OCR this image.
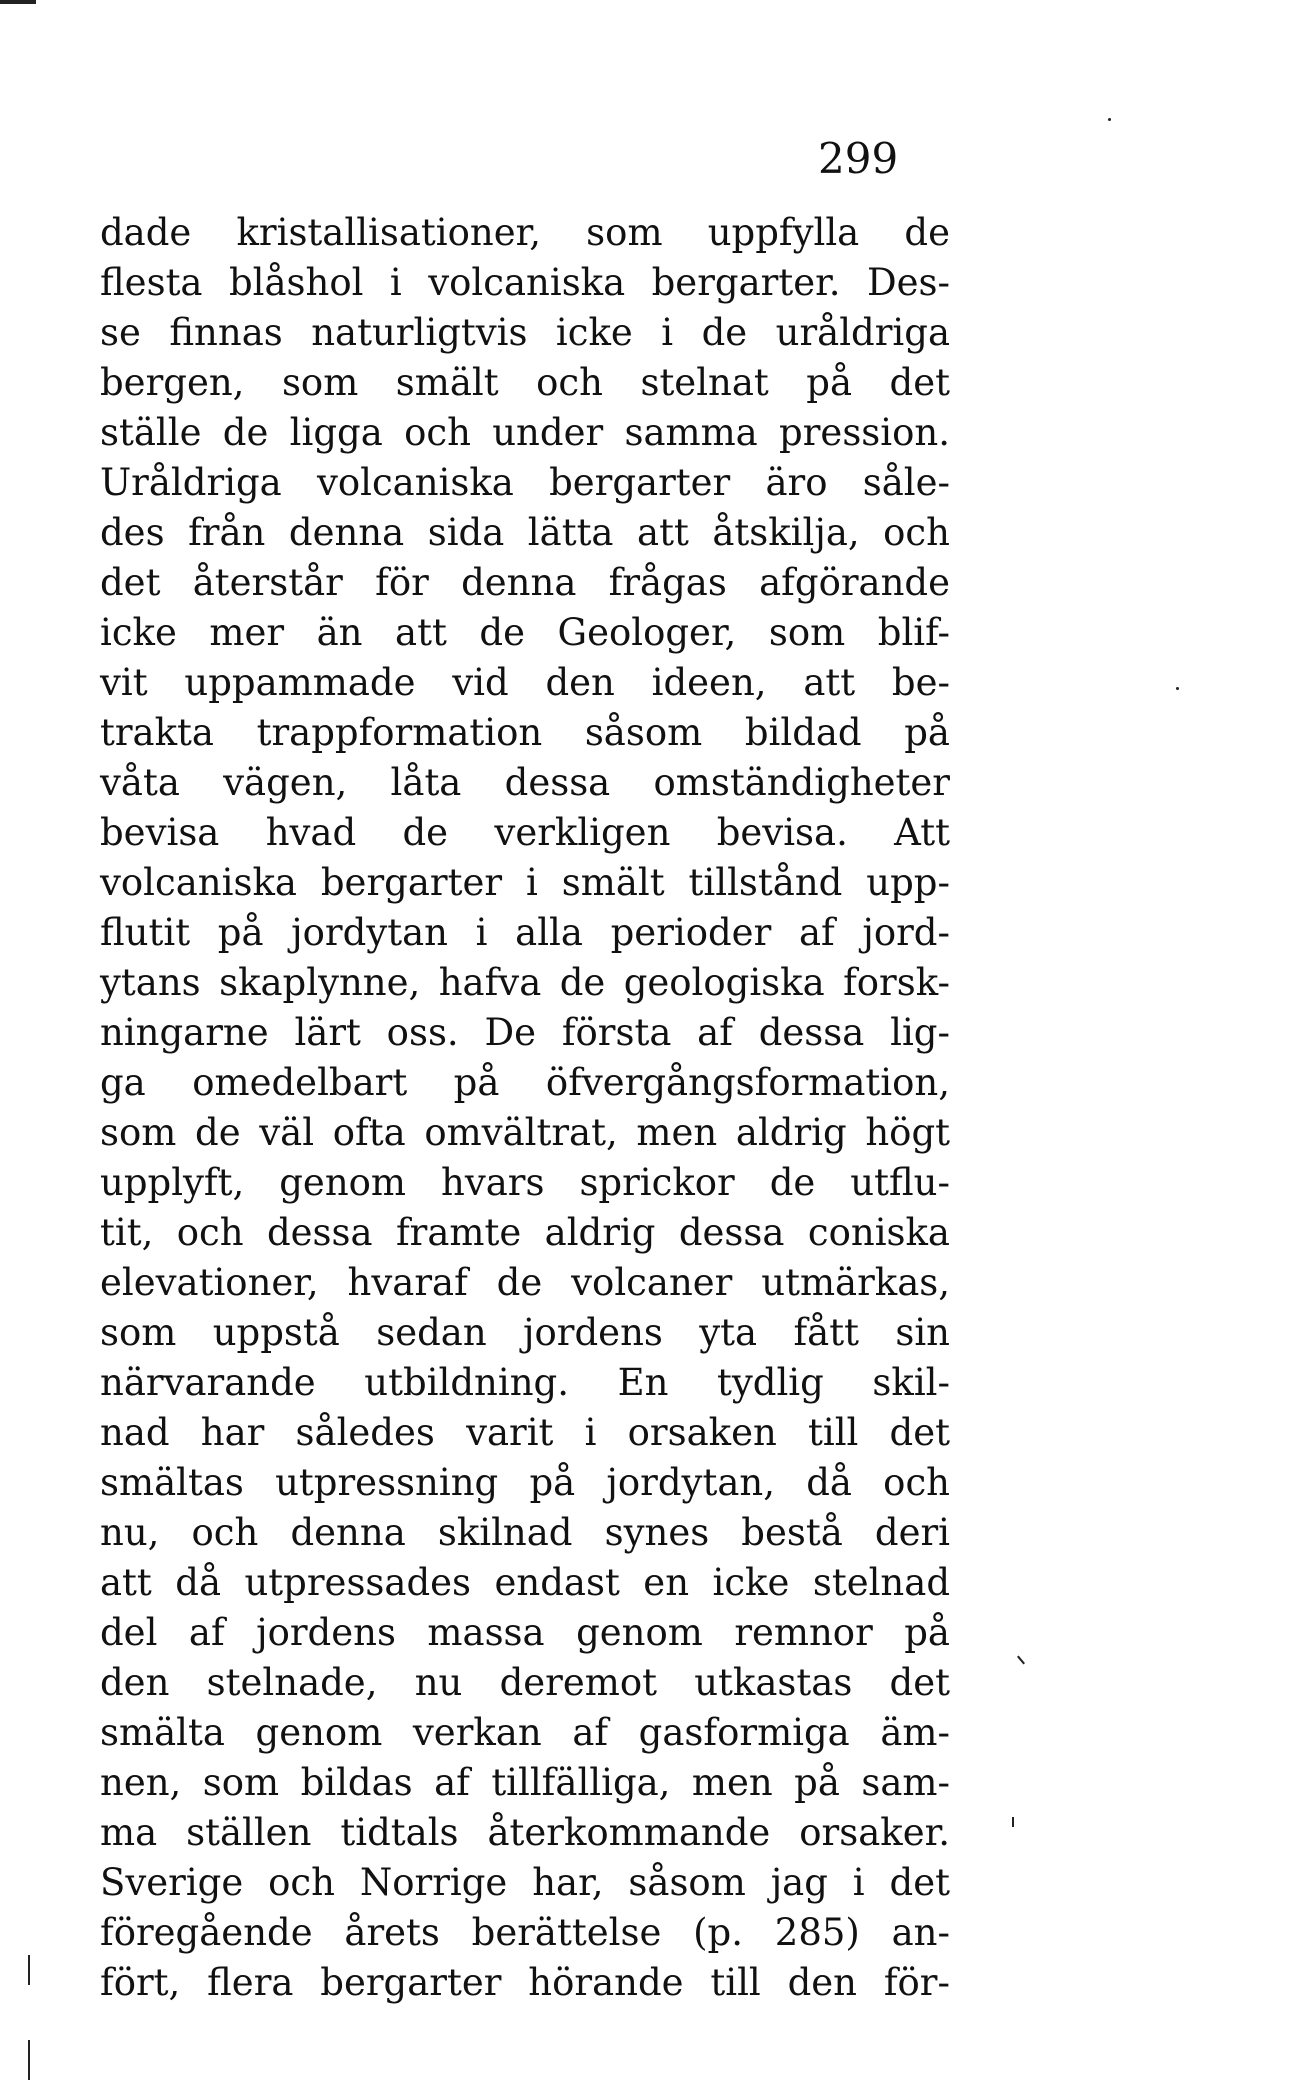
299
dade kristallisationer, som uppfylla de
flesta blåshol i volcaniska bergarter. Des-
se finnas naturligtvis icke i de uråldriga
bergen, som smält och stelnat på det
ställe de ligga och under samma pression.
Uråldriga volcaniska bergarter äro såle-
des från denna sida lätta att åtskilja, och
det återstår för denna frågas afgörande
icke mer än att de Geologer, som blif-
vit uppammade vid den ideen, att be-
trakta trappformation såsom bildad på
våta vägen, låta dessa omständigheter
bevisa hvad de verkligen bevisa. Att
volcaniska bergarter i smält tillstånd upp-
flutit på jordytan i alla perioder af jord-
ytans skaplynne, hafva de geologiska forsk-
ningarne lärt oss. De första af dessa lig-
ga omedelbart på öfvergångsformation,
som de väl ofta omvältrat, men aldrig högt
upplyft, genom hvars sprickor de utflu-
tit, och dessa framte aldrig dessa coniska
elevationer, hvaraf de volcaner utmärkas,
som uppstå sedan jordens yta fått sin
närvarande utbildning. En tydlig skil-
nad har således varit i orsaken till det
smältas utpressning på jordytan, då och
nu, och denna skilnad synes bestå deri
att då utpressades endast en icke stelnad
del af jordens massa genom remnor på
den stelnade, nu deremot utkastas det
smälta genom verkan af gasformiga äm-
nen, som bildas af tillfälliga, men på sam-
ma ställen tidtals återkommande orsaker.
Sverige och Norrige har, såsom jag i det
föregående årets berättelse (p. 285) an-
fört, flera bergarter hörande till den för-
